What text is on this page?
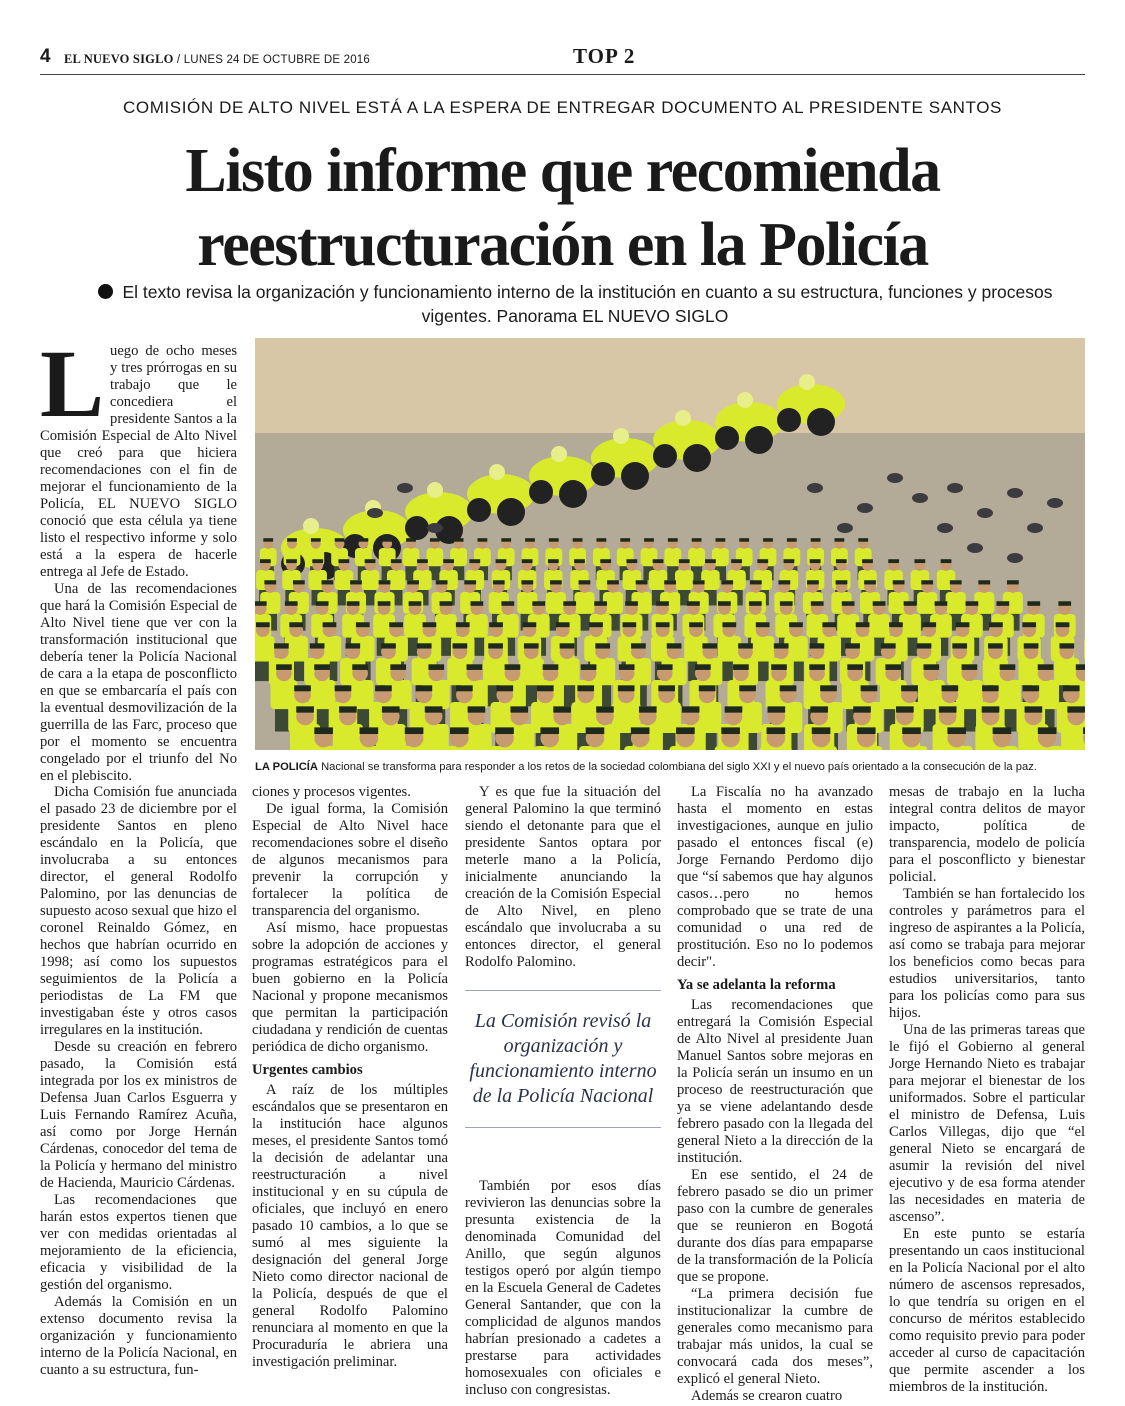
4 EL NUEVO SIGLO / LUNES 24 DE OCTUBRE DE 2016	TOP 2
COMISIÓN DE ALTO NIVEL ESTÁ A LA ESPERA DE ENTREGAR DOCUMENTO AL PRESIDENTE SANTOS
Listo informe que recomienda
reestructuración en la Policía
El texto revisa la organización y funcionamiento interno de la institución en cuanto a su estructura, funciones y procesos vigentes. Panorama EL NUEVO SIGLO
LA POLICÍA Nacional se transforma para responder a los retos de la sociedad colombiana del siglo XXI y el nuevo país orientado a la consecución de la paz.
L uego de ocho meses y tres prórrogas en su trabajo que le concediera el presidente Santos a la Comisión Especial de Alto Nivel que creó para que hiciera recomendaciones con el fin de mejorar el funcionamiento de la Policía, EL NUEVO SIGLO conoció que esta célula ya tiene listo el respectivo informe y solo está a la espera de hacerle entrega al Jefe de Estado.

Una de las recomendaciones que hará la Comisión Especial de Alto Nivel tiene que ver con la transformación institucional que debería tener la Policía Nacional de cara a la etapa de posconflicto en que se embarcaría el país con la eventual desmovilización de la guerrilla de las Farc, proceso que por el momento se encuentra congelado por el triunfo del No en el plebiscito.

Dicha Comisión fue anunciada el pasado 23 de diciembre por el presidente Santos en pleno escándalo en la Policía, que involucraba a su entonces director, el general Rodolfo Palomino, por las denuncias de supuesto acoso sexual que hizo el coronel Reinaldo Gómez, en hechos que habrían ocurrido en 1998; así como los supuestos seguimientos de la Policía a periodistas de La FM que investigaban éste y otros casos irregulares en la institución.

Desde su creación en febrero pasado, la Comisión está integrada por los ex ministros de Defensa Juan Carlos Esguerra y Luis Fernando Ramírez Acuña, así como por Jorge Hernán Cárdenas, conocedor del tema de la Policía y hermano del ministro de Hacienda, Mauricio Cárdenas.

Las recomendaciones que harán estos expertos tienen que ver con medidas orientadas al mejoramiento de la eficiencia, eficacia y visibilidad de la gestión del organismo.

Además la Comisión en un extenso documento revisa la organización y funcionamiento interno de la Policía Nacional, en cuanto a su estructura, fun-

ciones y procesos vigentes.

De igual forma, la Comisión Especial de Alto Nivel hace recomendaciones sobre el diseño de algunos mecanismos para prevenir la corrupción y fortalecer la política de transparencia del organismo.

Así mismo, hace propuestas sobre la adopción de acciones y programas estratégicos para el buen gobierno en la Policía Nacional y propone mecanismos que permitan la participación ciudadana y rendición de cuentas periódica de dicho organismo.

Urgentes cambios

A raíz de los múltiples escándalos que se presentaron en la institución hace algunos meses, el presidente Santos tomó la decisión de adelantar una reestructuración a nivel institucional y en su cúpula de oficiales, que incluyó en enero pasado 10 cambios, a lo que se sumó al mes siguiente la designación del general Jorge Nieto como director nacional de la Policía, después de que el general Rodolfo Palomino renunciara al momento en que la Procuraduría le abriera una investigación preliminar.

Y es que fue la situación del general Palomino la que terminó siendo el detonante para que el presidente Santos optara por meterle mano a la Policía, inicialmente anunciando la creación de la Comisión Especial de Alto Nivel, en pleno escándalo que involucraba a su entonces director, el general Rodolfo Palomino.

La Comisión revisó la organización y funcionamiento interno de la Policía Nacional

También por esos días revivieron las denuncias sobre la presunta existencia de la denominada Comunidad del Anillo, que según algunos testigos operó por algún tiempo en la Escuela General de Cadetes General Santander, que con la complicidad de algunos mandos habrían presionado a cadetes a prestarse para actividades homosexuales con oficiales e incluso con congresistas.

La Fiscalía no ha avanzado hasta el momento en estas investigaciones, aunque en julio pasado el entonces fiscal (e) Jorge Fernando Perdomo dijo que “sí sabemos que hay algunos casos…pero no hemos comprobado que se trate de una comunidad o una red de prostitución. Eso no lo podemos decir".

Ya se adelanta la reforma

Las recomendaciones que entregará la Comisión Especial de Alto Nivel al presidente Juan Manuel Santos sobre mejoras en la Policía serán un insumo en un proceso de reestructuración que ya se viene adelantando desde febrero pasado con la llegada del general Nieto a la dirección de la institución.

En ese sentido, el 24 de febrero pasado se dio un primer paso con la cumbre de generales que se reunieron en Bogotá durante dos días para empaparse de la transformación de la Policía que se propone.

“La primera decisión fue institucionalizar la cumbre de generales como mecanismo para trabajar más unidos, la cual se convocará cada dos meses”, explicó el general Nieto.

Además se crearon cuatro

mesas de trabajo en la lucha integral contra delitos de mayor impacto, política de transparencia, modelo de policía para el posconflicto y bienestar policial.

También se han fortalecido los controles y parámetros para el ingreso de aspirantes a la Policía, así como se trabaja para mejorar los beneficios como becas para estudios universitarios, tanto para los policías como para sus hijos.

Una de las primeras tareas que le fijó el Gobierno al general Jorge Hernando Nieto es trabajar para mejorar el bienestar de los uniformados. Sobre el particular el ministro de Defensa, Luis Carlos Villegas, dijo que “el general Nieto se encargará de asumir la revisión del nivel ejecutivo y de esa forma atender las necesidades en materia de ascenso”.

En este punto se estaría presentando un caos institucional en la Policía Nacional por el alto número de ascensos represados, lo que tendría su origen en el concurso de méritos establecido como requisito previo para poder acceder al curso de capacitación que permite ascender a los miembros de la institución.
